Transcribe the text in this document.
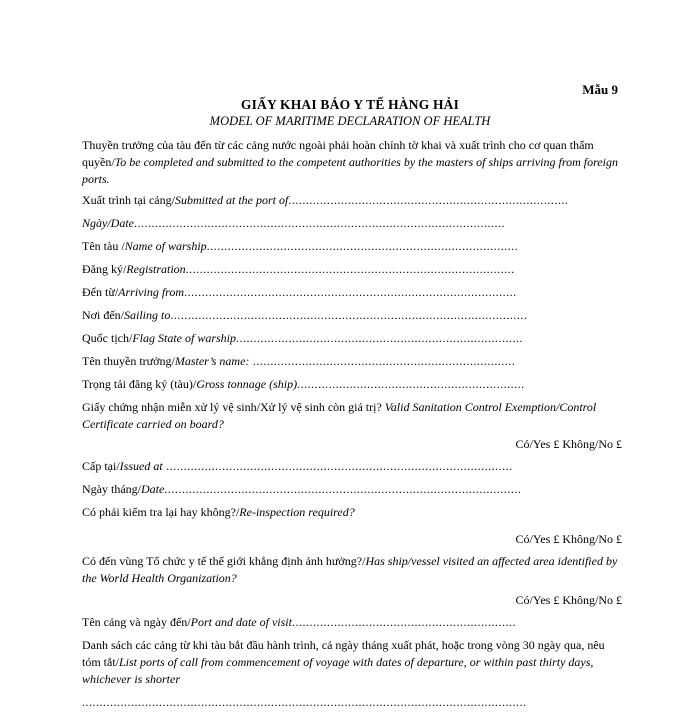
Mẫu 9
GIẤY KHAI BÁO Y TẾ HÀNG HẢI
MODEL OF MARITIME DECLARATION OF HEALTH

Thuyền trưởng của tàu đến từ các cảng nước ngoài phải hoàn chỉnh tờ khai và xuất trình cho cơ quan thẩm quyền/To be completed and submitted to the competent authorities by the masters of ships arriving from foreign ports.

Xuất trình tại cảng/Submitted at the port of................................................................................
Ngày/Date..........................................................................................................
Tên tàu /Name of warship.........................................................................................
Đăng ký/Registration..............................................................................................
Đến từ/Arriving from...............................................................................................
Nơi đến/Sailing to......................................................................................................
Quốc tịch/Flag State of warship..................................................................................
Tên thuyền trưởng/Master’s name: ...........................................................................
Trọng tải đăng ký (tàu)/Gross tonnage (ship).................................................................

Giấy chứng nhận miễn xử lý vệ sinh/Xử lý vệ sinh còn giá trị? Valid Sanitation Control Exemption/Control Certificate carried on board?

Có/Yes £ Không/No £
Cấp tại/Issued at ...................................................................................................
Ngày tháng/Date......................................................................................................

Có phải kiểm tra lại hay không?/Re-inspection required?

Có/Yes £ Không/No £

Có đến vùng Tổ chức y tế thế giới khẳng định ảnh hưởng?/Has ship/vessel visited an affected area identified by the World Health Organization?

Có/Yes £ Không/No £
Tên cảng và ngày đến/Port and date of visit................................................................

Danh sách các cảng từ khi tàu bắt đầu hành trình, cả ngày tháng xuất phát, hoặc trong vòng 30 ngày qua, nêu tóm tắt/List ports of call from commencement of voyage with dates of departure, or within past thirty days, whichever is shorter

...............................................................................................................................
